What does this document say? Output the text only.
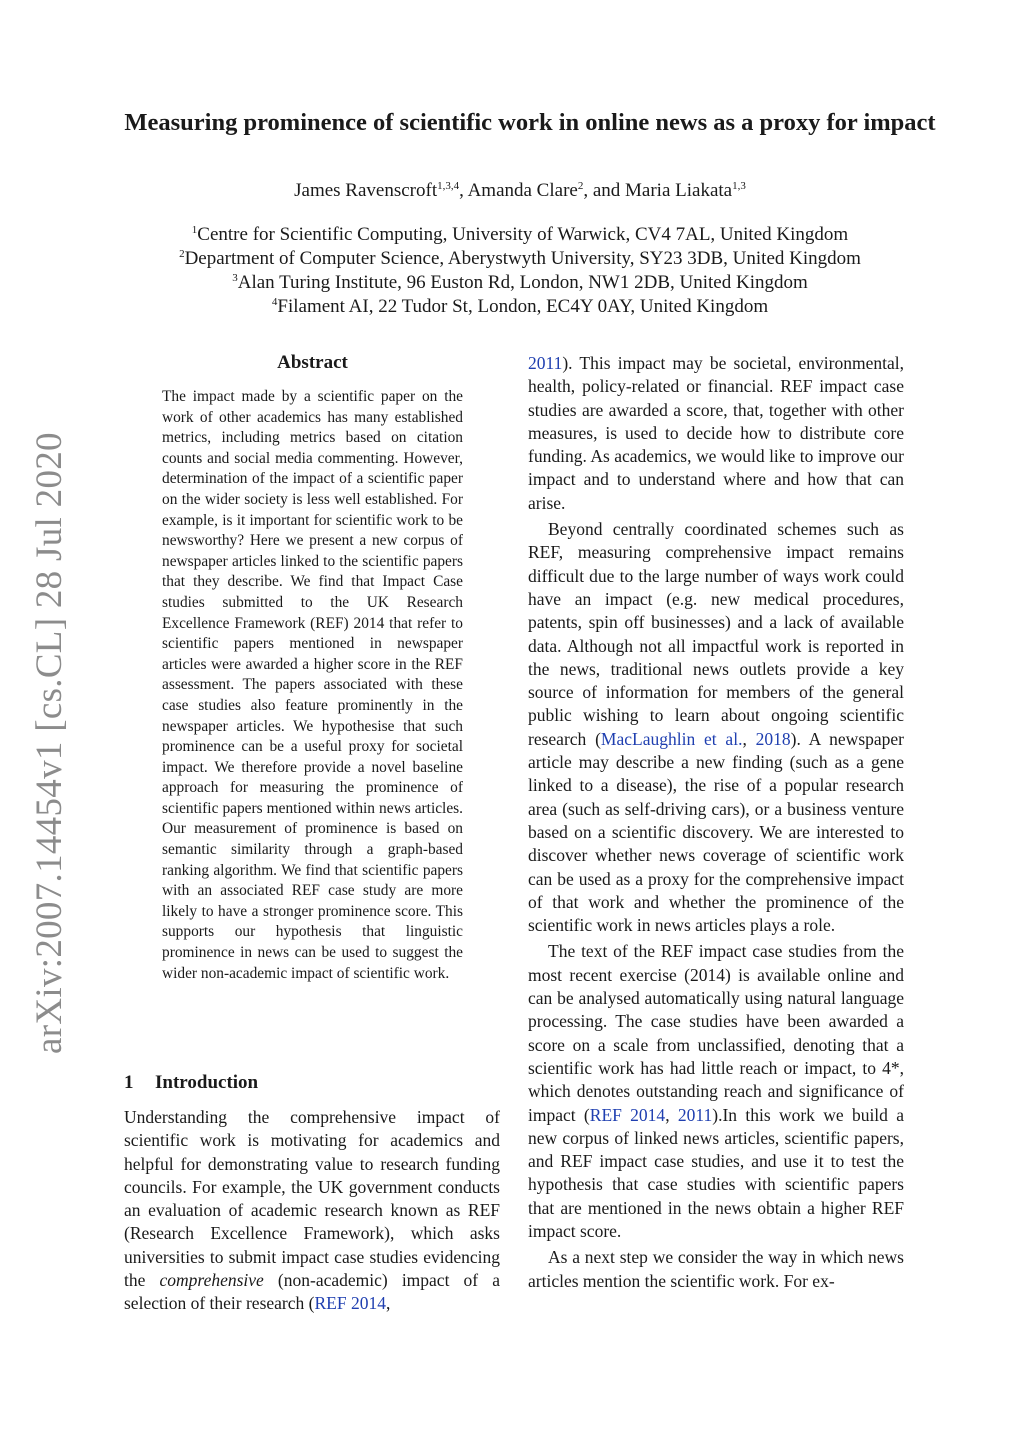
arXiv:2007.14454v1 [cs.CL] 28 Jul 2020
Measuring prominence of scientific work in online news as a proxy for impact
James Ravenscroft$^{1,3,4}$, Amanda Clare$^2$, and Maria Liakata$^{1,3}$
$^1$Centre for Scientific Computing, University of Warwick, CV4 7AL, United Kingdom
$^2$Department of Computer Science, Aberystwyth University, SY23 3DB, United Kingdom
$^3$Alan Turing Institute, 96 Euston Rd, London, NW1 2DB, United Kingdom
$^4$Filament AI, 22 Tudor St, London, EC4Y 0AY, United Kingdom
Abstract
The impact made by a scientific paper on the work of other academics has many established metrics, including metrics based on citation counts and social media commenting. However, determination of the impact of a scientific paper on the wider society is less well established. For example, is it important for scientific work to be newsworthy? Here we present a new corpus of newspaper articles linked to the scientific papers that they describe. We find that Impact Case studies submitted to the UK Research Excellence Framework (REF) 2014 that refer to scientific papers mentioned in newspaper articles were awarded a higher score in the REF assessment. The papers associated with these case studies also feature prominently in the newspaper articles. We hypothesise that such prominence can be a useful proxy for societal impact. We therefore provide a novel baseline approach for measuring the prominence of scientific papers mentioned within news articles. Our measurement of prominence is based on semantic similarity through a graph-based ranking algorithm. We find that scientific papers with an associated REF case study are more likely to have a stronger prominence score. This supports our hypothesis that linguistic prominence in news can be used to suggest the wider non-academic impact of scientific work.
1 Introduction

Understanding the comprehensive impact of scientific work is motivating for academics and helpful for demonstrating value to research funding councils. For example, the UK government conducts an evaluation of academic research known as REF (Research Excellence Framework), which asks universities to submit impact case studies evidencing the comprehensive (non-academic) impact of a selection of their research (REF 2014,

2011). This impact may be societal, environmental, health, policy-related or financial. REF impact case studies are awarded a score, that, together with other measures, is used to decide how to distribute core funding. As academics, we would like to improve our impact and to understand where and how that can arise.

Beyond centrally coordinated schemes such as REF, measuring comprehensive impact remains difficult due to the large number of ways work could have an impact (e.g. new medical procedures, patents, spin off businesses) and a lack of available data. Although not all impactful work is reported in the news, traditional news outlets provide a key source of information for members of the general public wishing to learn about ongoing scientific research (MacLaughlin et al., 2018). A newspaper article may describe a new finding (such as a gene linked to a disease), the rise of a popular research area (such as self-driving cars), or a business venture based on a scientific discovery. We are interested to discover whether news coverage of scientific work can be used as a proxy for the comprehensive impact of that work and whether the prominence of the scientific work in news articles plays a role.

The text of the REF impact case studies from the most recent exercise (2014) is available online and can be analysed automatically using natural language processing. The case studies have been awarded a score on a scale from unclassified, denoting that a scientific work has had little reach or impact, to 4*, which denotes outstanding reach and significance of impact (REF 2014, 2011).In this work we build a new corpus of linked news articles, scientific papers, and REF impact case studies, and use it to test the hypothesis that case studies with scientific papers that are mentioned in the news obtain a higher REF impact score.

As a next step we consider the way in which news articles mention the scientific work. For ex-
